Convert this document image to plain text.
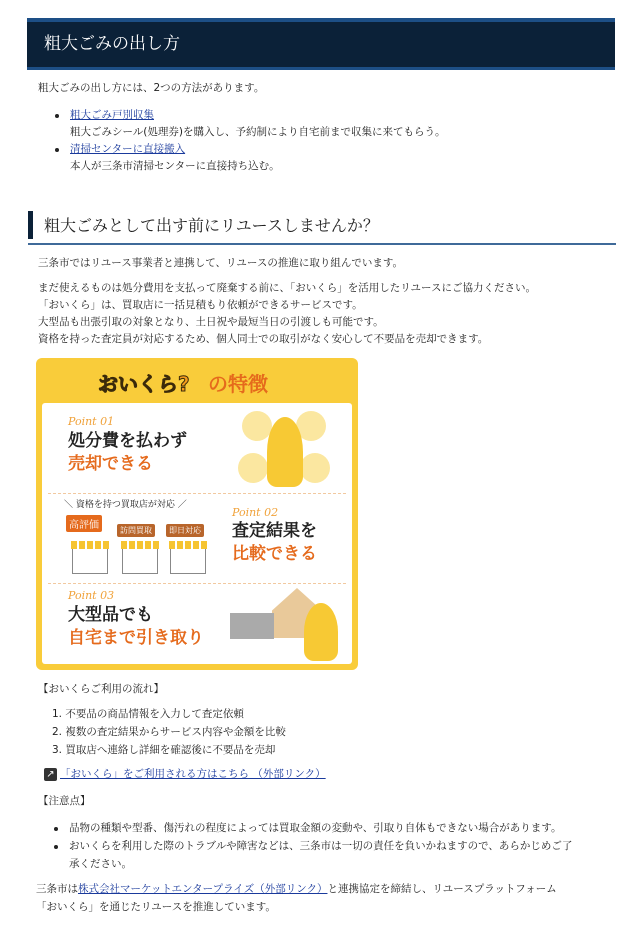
粗大ごみの出し方
粗大ごみの出し方には、2つの方法があります。
粗大ごみ戸別収集
粗大ごみシール(処理券)を購入し、予約制により自宅前まで収集に来てもらう。
清掃センターに直接搬入
本人が三条市清掃センターに直接持ち込む。
粗大ごみとして出す前にリユースしませんか？
三条市ではリユース事業者と連携して、リユースの推進に取り組んでいます。
まだ使えるものは処分費用を支払って廃棄する前に、「おいくら」を活用したリユースにご協力ください。
「おいくら」は、買取店に一括見積もり依頼ができるサービスです。
大型品も出張引取の対象となり、土日祝や最短当日の引渡しも可能です。
資格を持った査定員が対応するため、個人同士での取引がなく安心して不要品を売却できます。
おいくら? の特徴
Point 01
処分費を払わず
売却できる
＼ 資格を持つ買取店が対応 ／
高評価	訪問買取	即日対応
Point 02
査定結果を
比較できる
Point 03
大型品でも
自宅まで引き取り
【おいくらご利用の流れ】
1. 不要品の商品情報を入力して査定依頼
2. 複数の査定結果からサービス内容や金額を比較
3. 買取店へ連絡し詳細を確認後に不要品を売却
↗ 「おいくら」をご利用される方はこちら （外部リンク）
【注意点】
品物の種類や型番、傷汚れの程度によっては買取金額の変動や、引取り自体もできない場合があります。
おいくらを利用した際のトラブルや障害などは、三条市は一切の責任を負いかねますので、あらかじめご了
承ください。
三条市は株式会社マーケットエンタープライズ（外部リンク）と連携協定を締結し、リユースプラットフォーム
「おいくら」を通じたリユースを推進しています。
